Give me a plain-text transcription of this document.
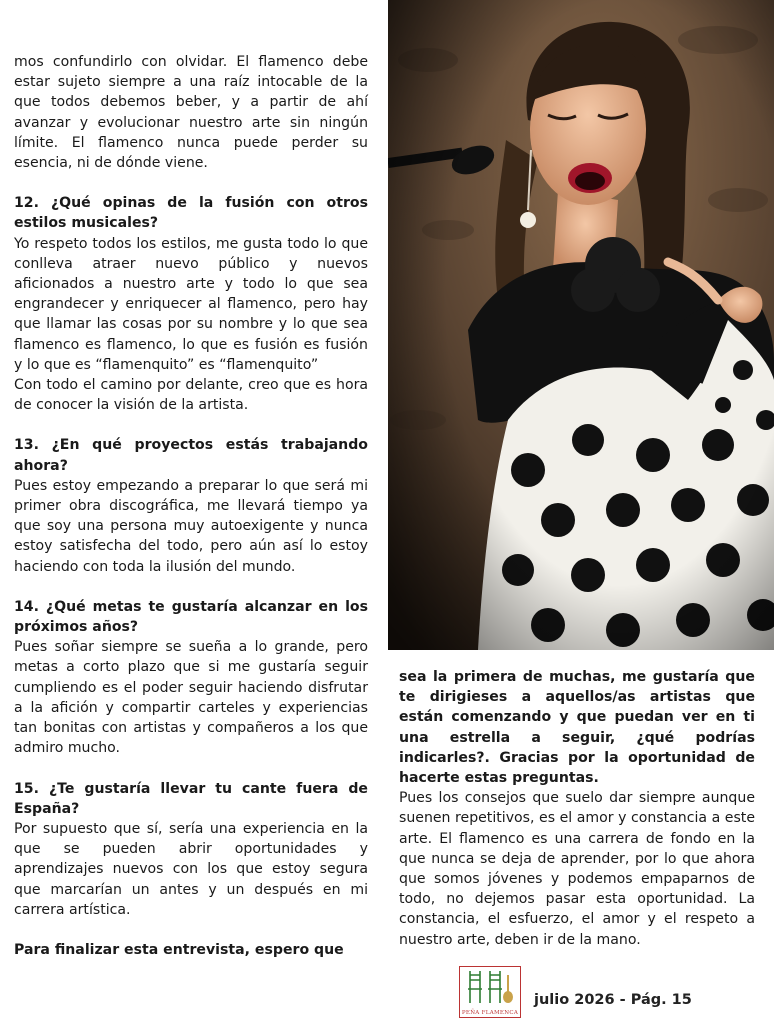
mos confundirlo con olvidar. El flamenco debe estar sujeto siempre a una raíz intocable de la que todos debemos beber, y a partir de ahí avanzar y evolucionar nuestro arte sin ningún límite. El flamenco nunca puede perder su esencia, ni de dónde viene.

12. ¿Qué opinas de la fusión con otros estilos musicales?

Yo respeto todos los estilos, me gusta todo lo que conlleva atraer nuevo público y nuevos aficionados a nuestro arte y todo lo que sea engrandecer y enriquecer al flamenco, pero hay que llamar las cosas por su nombre y lo que sea flamenco es flamenco, lo que es fusión es fusión y lo que es “flamenquito” es “flamenquito”

Con todo el camino por delante, creo que es hora de conocer la visión de la artista.

13. ¿En qué proyectos estás trabajando ahora?

Pues estoy empezando a preparar lo que será mi primer obra discográfica, me llevará tiempo ya que soy una persona muy autoexigente y nunca estoy satisfecha del todo, pero aún así lo estoy haciendo con toda la ilusión del mundo.

14. ¿Qué metas te gustaría alcanzar en los próximos años?

Pues soñar siempre se sueña a lo grande, pero metas a corto plazo que si me gustaría seguir cumpliendo es el poder seguir haciendo disfrutar a la afición y compartir carteles y experiencias tan bonitas con artistas y compañeros a los que admiro mucho.

15. ¿Te gustaría llevar tu cante fuera de España?

Por supuesto que sí, sería una experiencia en la que se pueden abrir oportunidades y aprendizajes nuevos con los que estoy segura que marcarían un antes y un después en mi carrera artística.

Para finalizar esta entrevista, espero que

sea la primera de muchas, me gustaría que te dirigieses a aquellos/as artistas que están comenzando y que puedan ver en ti una estrella a seguir, ¿qué podrías indicarles?. Gracias por la oportunidad de hacerte estas preguntas.

Pues los consejos que suelo dar siempre aunque suenen repetitivos, es el amor y constancia a este arte. El flamenco es una carrera de fondo en la que nunca se deja de aprender, por lo que ahora que somos jóvenes y podemos empaparnos de todo, no dejemos pasar esta oportunidad. La constancia, el esfuerzo, el amor y el respeto a nuestro arte, deben ir de la mano.

PEÑA FLAMENCA
julio 2026 - Pág. 15
